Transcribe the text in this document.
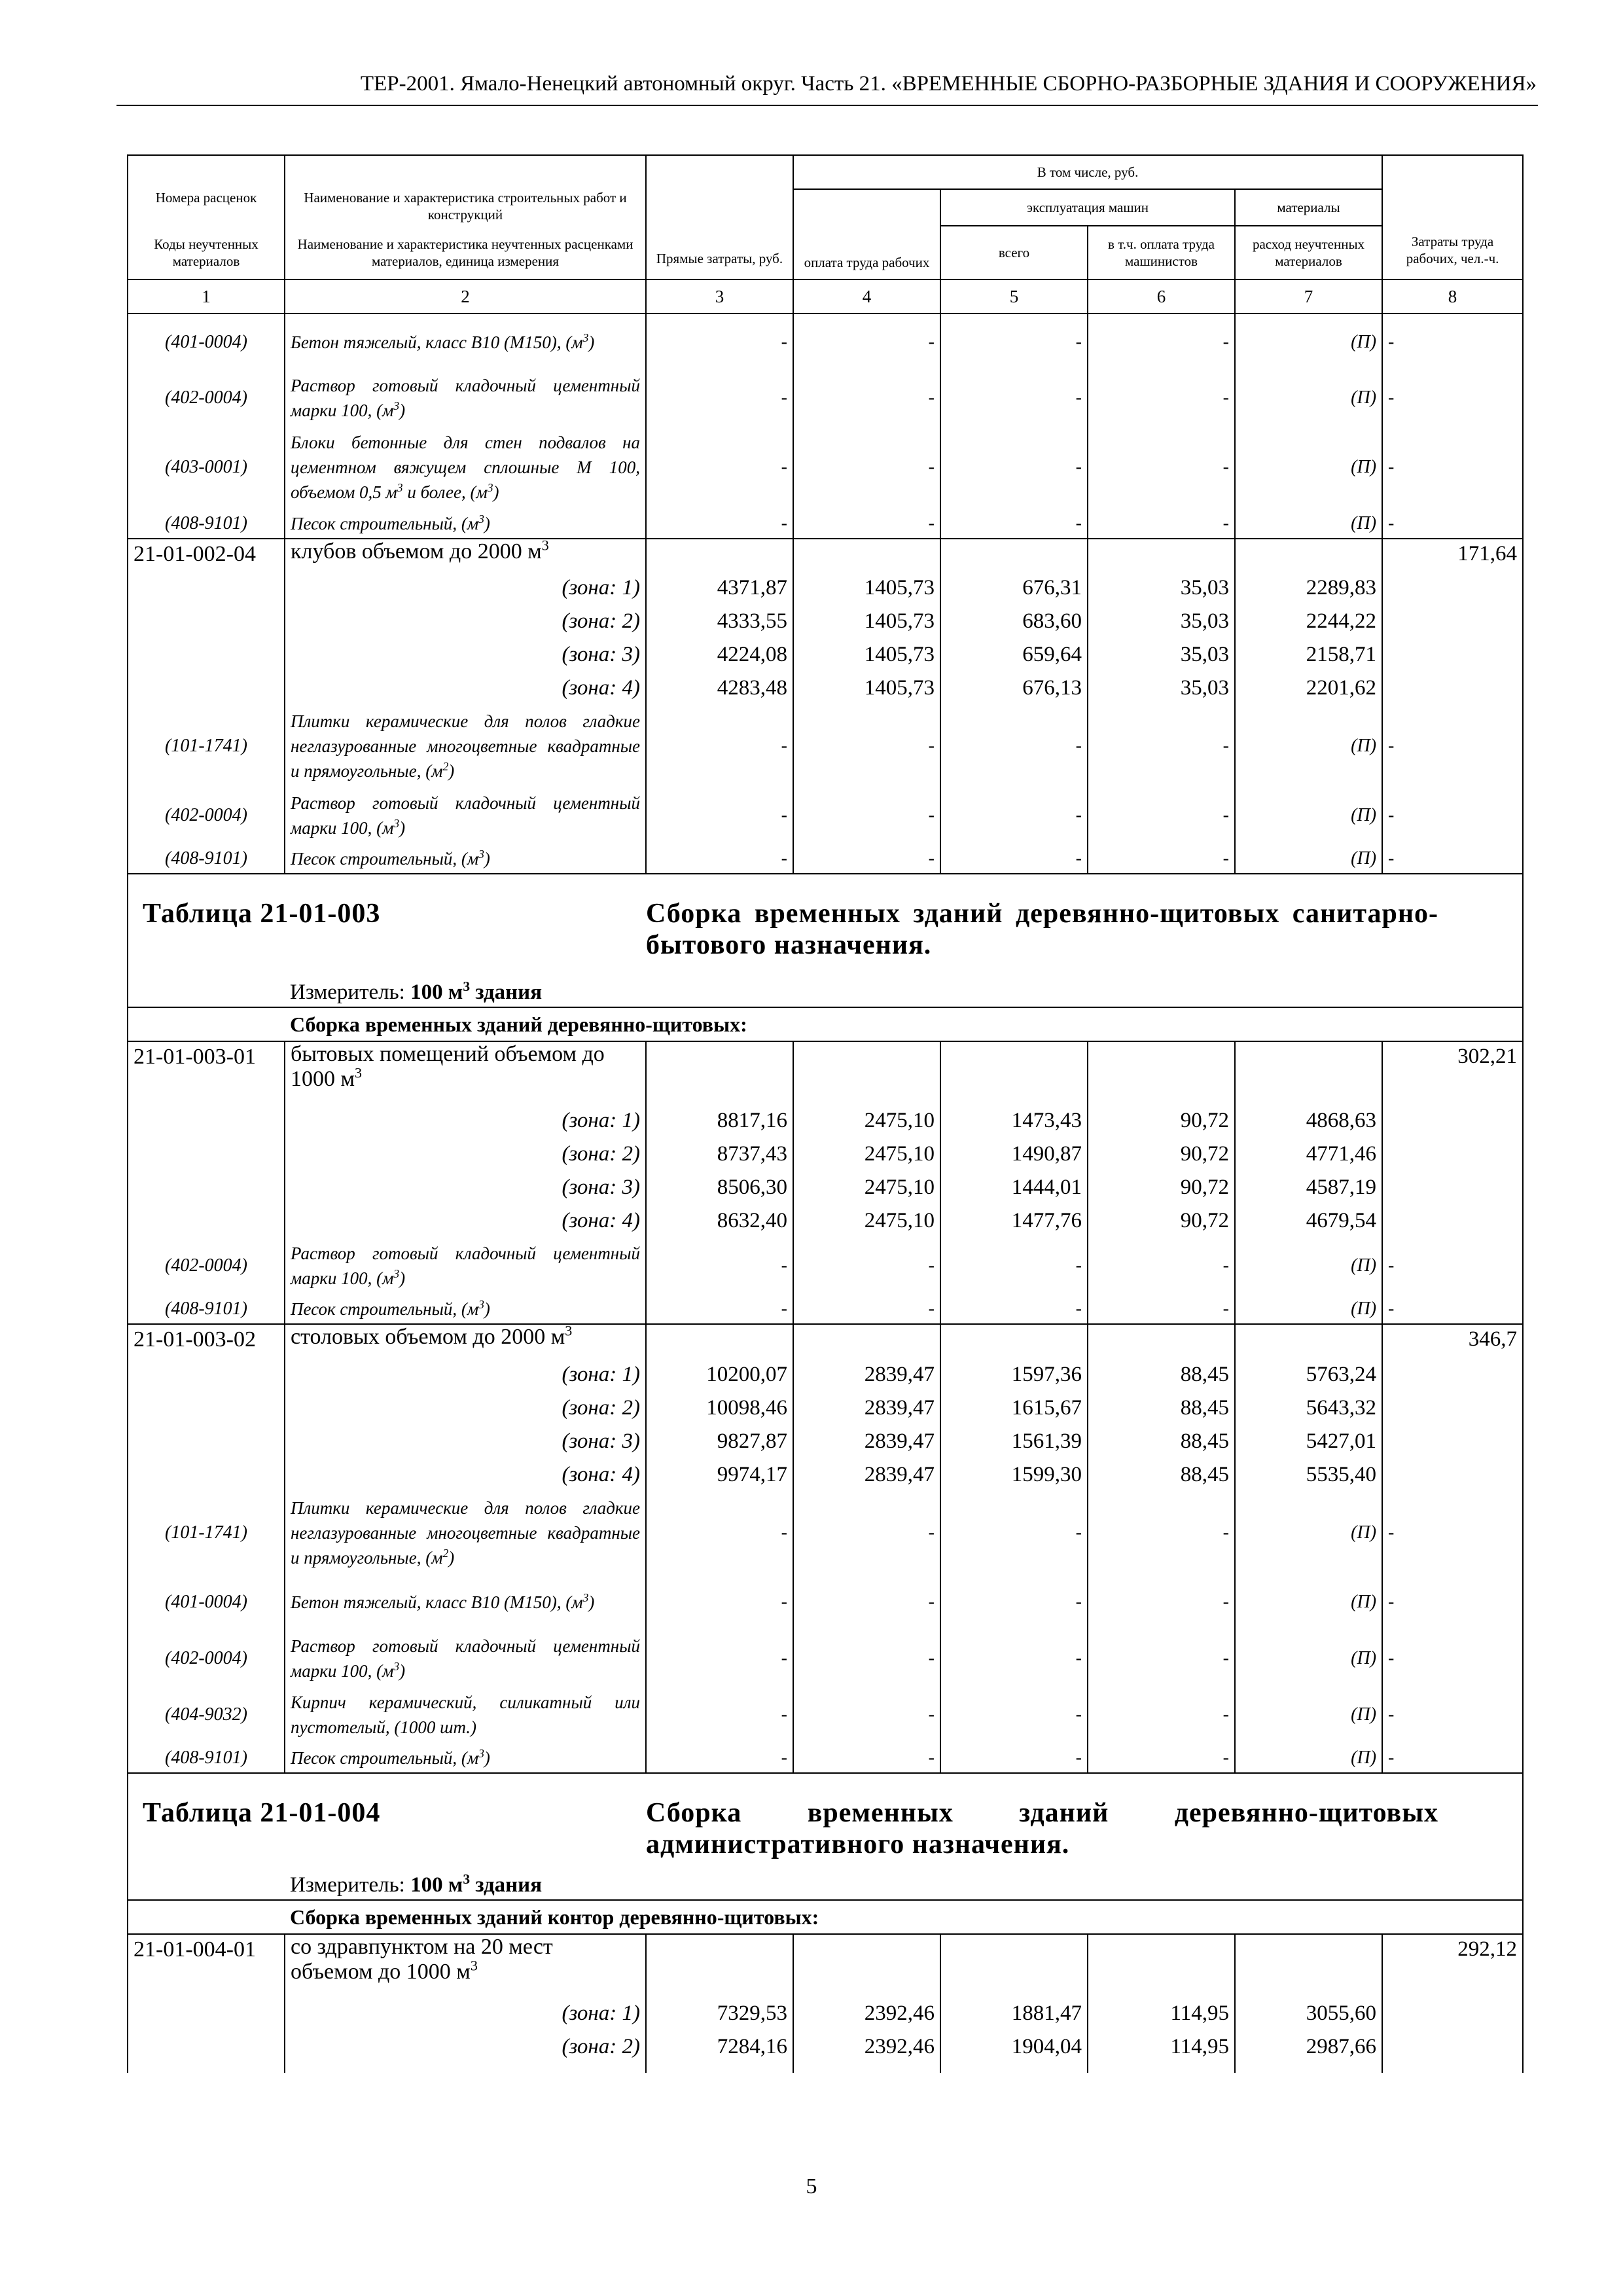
ТЕР-2001. Ямало-Ненецкий автономный округ. Часть 21. «ВРЕМЕННЫЕ СБОРНО-РАЗБОРНЫЕ ЗДАНИЯ И СООРУЖЕНИЯ»
		Прямые затраты, руб.	В том числе, руб.				Затраты труда рабочих, чел.-ч.
Номера расценок	Наименование и характеристика строительных работ и конструкций		оплата труда рабочих	эксплуатация машин		материалы	
Коды неучтенных материалов	Наименование и характеристика неучтенных расценками материалов, единица измерения			всего	в т.ч. оплата труда машинистов	расход неучтенных материалов	
1	2	3	4	5	6	7	8
(401-0004)	Бетон тяжелый, класс В10 (М150), $(м^3)$	-	-	-	-	(П)	-
(402-0004)	Раствор готовый кладочный цементный марки 100, $(м^3)$	-	-	-	-	(П)	-
(403-0001)	Блоки бетонные для стен подвалов на цементном вяжущем сплошные М 100, объемом 0,5 $м^3$ и более, $(м^3)$	-	-	-	-	(П)	-
(408-9101)	Песок строительный, $(м^3)$	-	-	-	-	(П)	-
21-01-002-04	клубов объемом до 2000 $м^3$						171,64
	(зона: 1)	4371,87	1405,73	676,31	35,03	2289,83	
	(зона: 2)	4333,55	1405,73	683,60	35,03	2244,22	
	(зона: 3)	4224,08	1405,73	659,64	35,03	2158,71	
	(зона: 4)	4283,48	1405,73	676,13	35,03	2201,62	
(101-1741)	Плитки керамические для полов гладкие неглазурованные многоцветные квадратные и прямоугольные, $(м^2)$	-	-	-	-	(П)	-
(402-0004)	Раствор готовый кладочный цементный марки 100, $(м^3)$	-	-	-	-	(П)	-
(408-9101)	Песок строительный, $(м^3)$	-	-	-	-	(П)	-
Таблица 21-01-003		Сборка временных зданий деревянно-щитовых санитарно-бытового назначения.					
	Измеритель: 100 $м^3$ здания						
	Сборка временных зданий деревянно-щитовых:						
21-01-003-01	бытовых помещений объемом до 1000 $м^3$						302,21
	(зона: 1)	8817,16	2475,10	1473,43	90,72	4868,63	
	(зона: 2)	8737,43	2475,10	1490,87	90,72	4771,46	
	(зона: 3)	8506,30	2475,10	1444,01	90,72	4587,19	
	(зона: 4)	8632,40	2475,10	1477,76	90,72	4679,54	
(402-0004)	Раствор готовый кладочный цементный марки 100, $(м^3)$	-	-	-	-	(П)	-
(408-9101)	Песок строительный, $(м^3)$	-	-	-	-	(П)	-
21-01-003-02	столовых объемом до 2000 $м^3$						346,7
	(зона: 1)	10200,07	2839,47	1597,36	88,45	5763,24	
	(зона: 2)	10098,46	2839,47	1615,67	88,45	5643,32	
	(зона: 3)	9827,87	2839,47	1561,39	88,45	5427,01	
	(зона: 4)	9974,17	2839,47	1599,30	88,45	5535,40	
(101-1741)	Плитки керамические для полов гладкие неглазурованные многоцветные квадратные и прямоугольные, $(м^2)$	-	-	-	-	(П)	-
(401-0004)	Бетон тяжелый, класс В10 (М150), $(м^3)$	-	-	-	-	(П)	-
(402-0004)	Раствор готовый кладочный цементный марки 100, $(м^3)$	-	-	-	-	(П)	-
(404-9032)	Кирпич керамический, силикатный или пустотелый, (1000 шт.)	-	-	-	-	(П)	-
(408-9101)	Песок строительный, $(м^3)$	-	-	-	-	(П)	-
Таблица 21-01-004		Сборка временных зданий деревянно-щитовых административного назначения.					
	Измеритель: 100 $м^3$ здания						
	Сборка временных зданий контор деревянно-щитовых:						
21-01-004-01	со здравпунктом на 20 мест объемом до 1000 $м^3$						292,12
	(зона: 1)	7329,53	2392,46	1881,47	114,95	3055,60	
	(зона: 2)	7284,16	2392,46	1904,04	114,95	2987,66	

5
